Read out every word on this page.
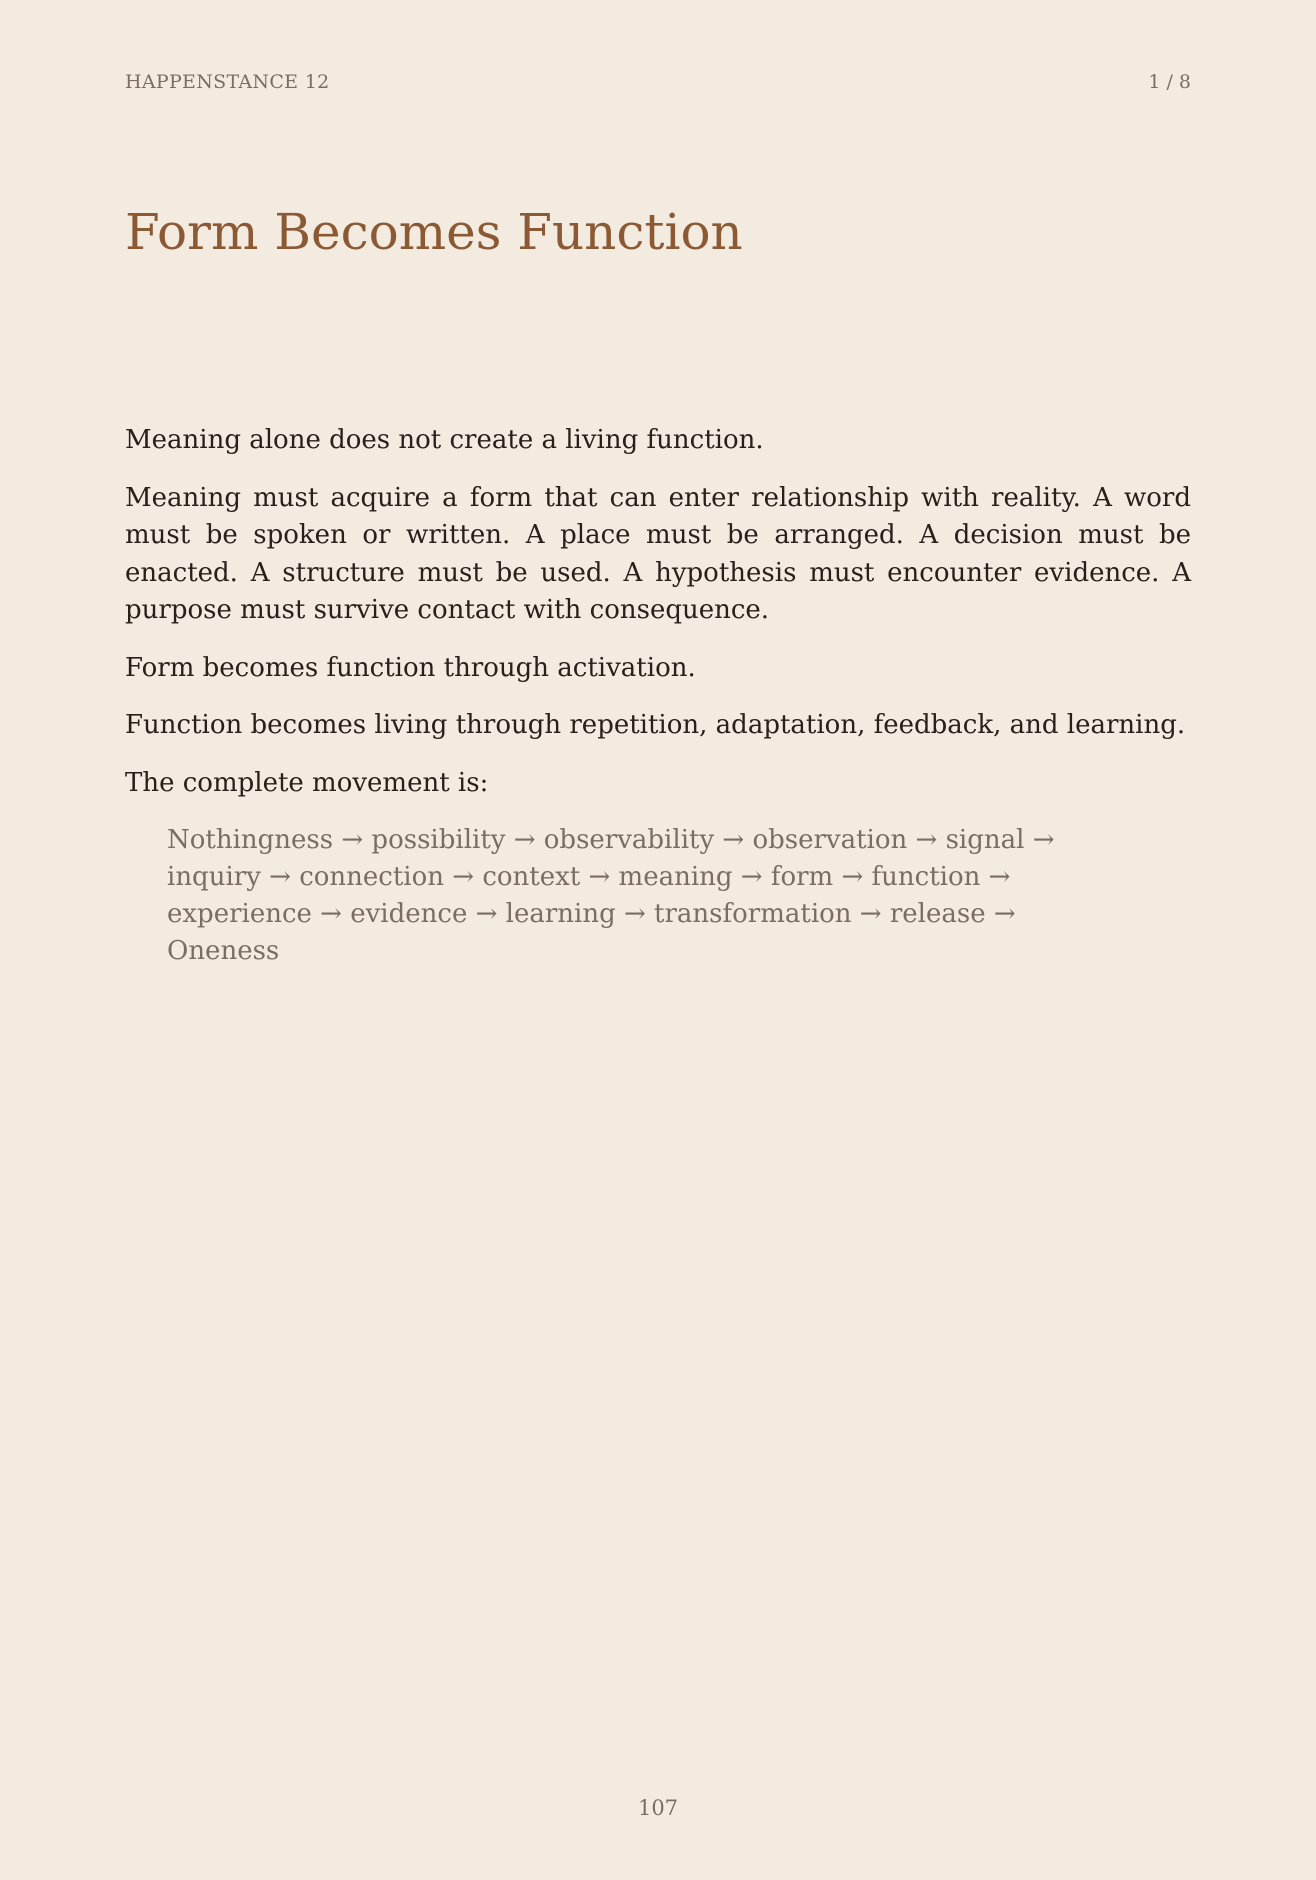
HAPPENSTANCE 12	1 / 8
Form Becomes Function

Meaning alone does not create a living function.

Meaning must acquire a form that can enter relationship with reality. A word must be spoken or written. A place must be arranged. A decision must be enacted. A structure must be used. A hypothesis must encounter evidence. A purpose must survive contact with consequence.

Form becomes function through activation.

Function becomes living through repetition, adaptation, feedback, and learning.

The complete movement is:

Nothingness → possibility → observability → observation → signal →
inquiry → connection → context → meaning → form → function →
experience → evidence → learning → transformation → release →
Oneness
107
